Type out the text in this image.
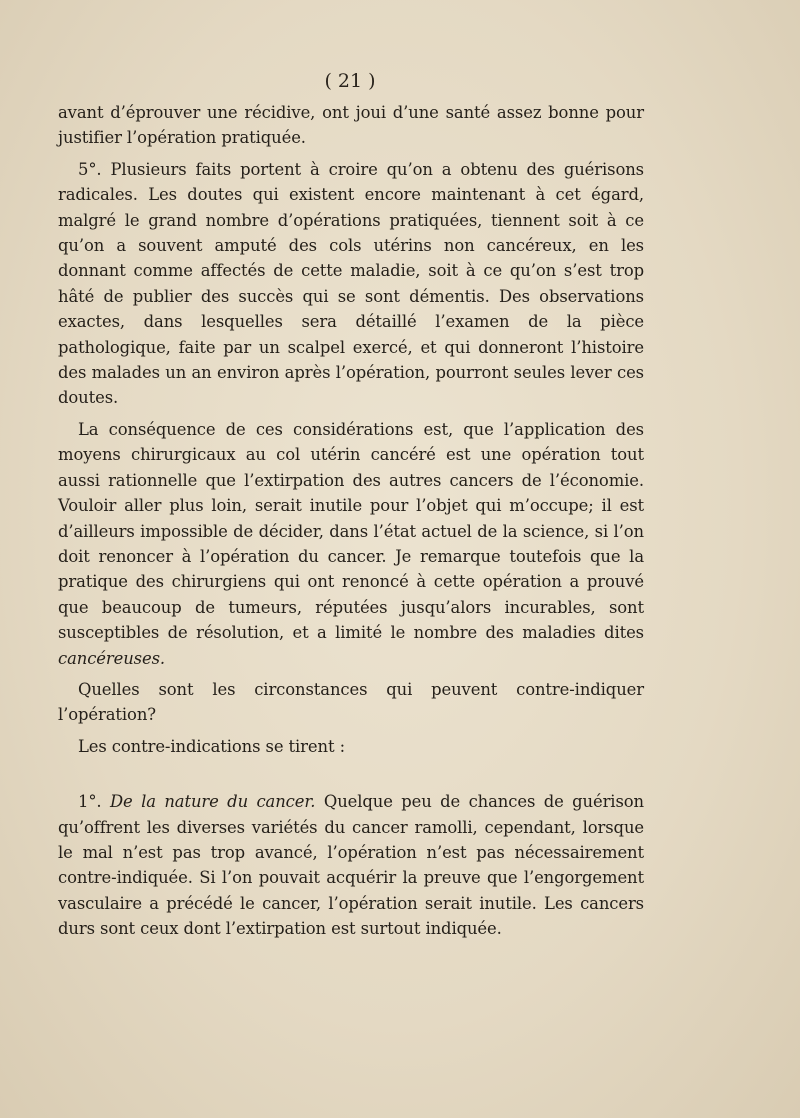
( 21 )

avant d’éprouver une récidive, ont joui d’une santé assez bonne pour justifier l’opération pratiquée.

5°. Plusieurs faits portent à croire qu’on a obtenu des guérisons radicales. Les doutes qui existent encore maintenant à cet égard, malgré le grand nombre d’opérations pratiquées, tiennent soit à ce qu’on a souvent amputé des cols utérins non cancéreux, en les donnant comme affectés de cette maladie, soit à ce qu’on s’est trop hâté de publier des succès qui se sont démentis. Des observations exactes, dans lesquelles sera détaillé l’examen de la pièce pathologique, faite par un scalpel exercé, et qui donneront l’histoire des malades un an environ après l’opération, pourront seules lever ces doutes.

La conséquence de ces considérations est, que l’application des moyens chirurgicaux au col utérin cancéré est une opération tout aussi rationnelle que l’extirpation des autres cancers de l’économie. Vouloir aller plus loin, serait inutile pour l’objet qui m’occupe; il est d’ailleurs impossible de décider, dans l’état actuel de la science, si l’on doit renoncer à l’opération du cancer. Je remarque toutefois que la pratique des chirurgiens qui ont renoncé à cette opération a prouvé que beaucoup de tumeurs, réputées jusqu’alors incurables, sont susceptibles de résolution, et a limité le nombre des maladies dites cancéreuses.

Quelles sont les circonstances qui peuvent contre-indiquer l’opération?

Les contre-indications se tirent :

1°. De la nature du cancer. Quelque peu de chances de guérison qu’offrent les diverses variétés du cancer ramolli, cependant, lorsque le mal n’est pas trop avancé, l’opération n’est pas nécessairement contre-indiquée. Si l’on pouvait acquérir la preuve que l’engorgement vasculaire a précédé le cancer, l’opération serait inutile. Les cancers durs sont ceux dont l’extirpation est surtout indiquée.
